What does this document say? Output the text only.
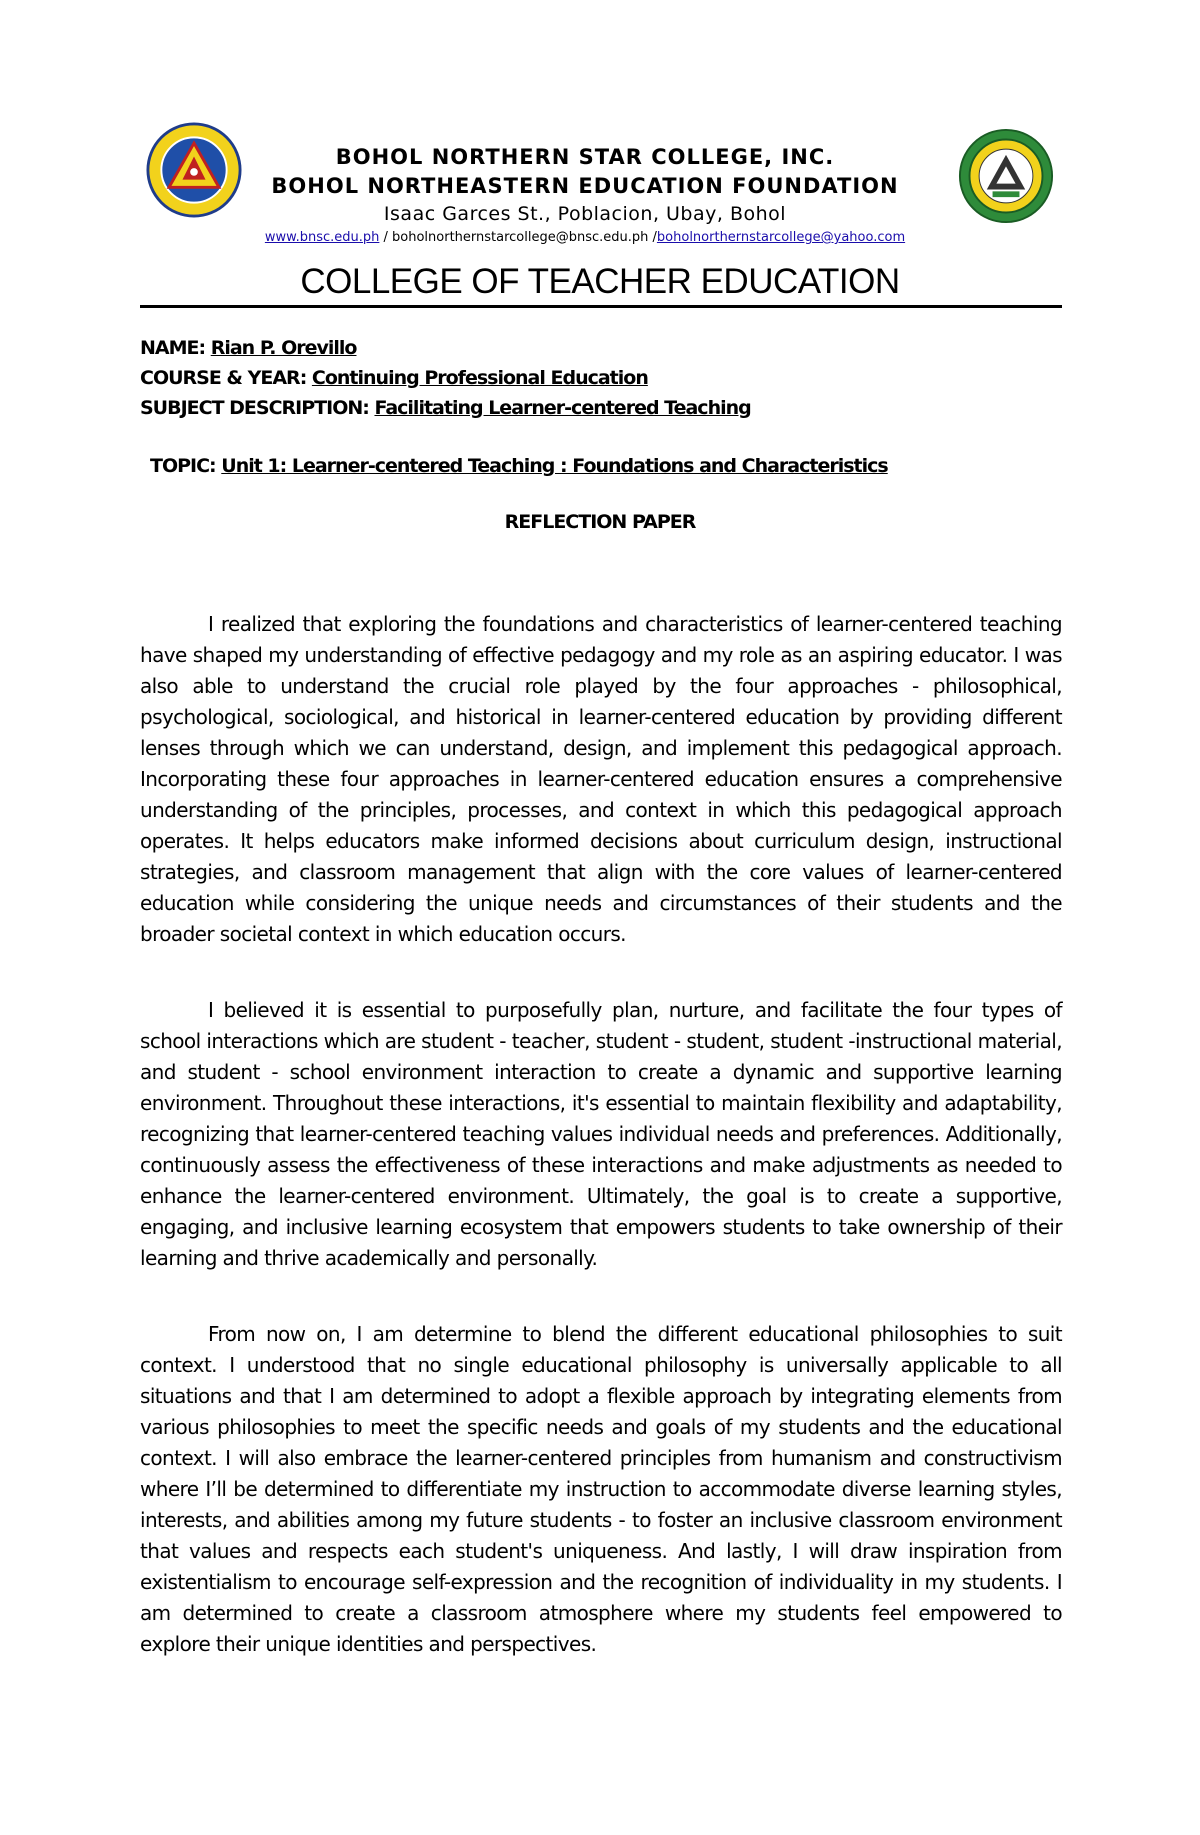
BOHOL NORTHERN STAR COLLEGE, INC.
BOHOL NORTHEASTERN EDUCATION FOUNDATION
Isaac Garces St., Poblacion, Ubay, Bohol
www.bnsc.edu.ph / boholnorthernstarcollege@bnsc.edu.ph /boholnorthernstarcollege@yahoo.com
COLLEGE OF TEACHER EDUCATION
NAME: Rian P. Orevillo
COURSE & YEAR: Continuing Professional Education
SUBJECT DESCRIPTION: Facilitating Learner-centered Teaching
TOPIC: Unit 1: Learner-centered Teaching : Foundations and Characteristics
REFLECTION PAPER

I realized that exploring the foundations and characteristics of learner-centered teaching have shaped my understanding of effective pedagogy and my role as an aspiring educator. I was also able to understand the crucial role played by the four approaches - philosophical, psychological, sociological, and historical in learner-centered education by providing different lenses through which we can understand, design, and implement this pedagogical approach. Incorporating these four approaches in learner-centered education ensures a comprehensive understanding of the principles, processes, and context in which this pedagogical approach operates. It helps educators make informed decisions about curriculum design, instructional strategies, and classroom management that align with the core values of learner-centered education while considering the unique needs and circumstances of their students and the broader societal context in which education occurs.

I believed it is essential to purposefully plan, nurture, and facilitate the four types of school interactions which are student - teacher, student - student, student -instructional material, and student - school environment interaction to create a dynamic and supportive learning environment. Throughout these interactions, it's essential to maintain flexibility and adaptability, recognizing that learner-centered teaching values individual needs and preferences. Additionally, continuously assess the effectiveness of these interactions and make adjustments as needed to enhance the learner-centered environment. Ultimately, the goal is to create a supportive, engaging, and inclusive learning ecosystem that empowers students to take ownership of their learning and thrive academically and personally.

From now on, I am determine to blend the different educational philosophies to suit context. I understood that no single educational philosophy is universally applicable to all situations and that I am determined to adopt a flexible approach by integrating elements from various philosophies to meet the specific needs and goals of my students and the educational context. I will also embrace the learner-centered principles from humanism and constructivism where I’ll be determined to differentiate my instruction to accommodate diverse learning styles, interests, and abilities among my future students - to foster an inclusive classroom environment that values and respects each student's uniqueness. And lastly, I will draw inspiration from existentialism to encourage self-expression and the recognition of individuality in my students. I am determined to create a classroom atmosphere where my students feel empowered to explore their unique identities and perspectives.
